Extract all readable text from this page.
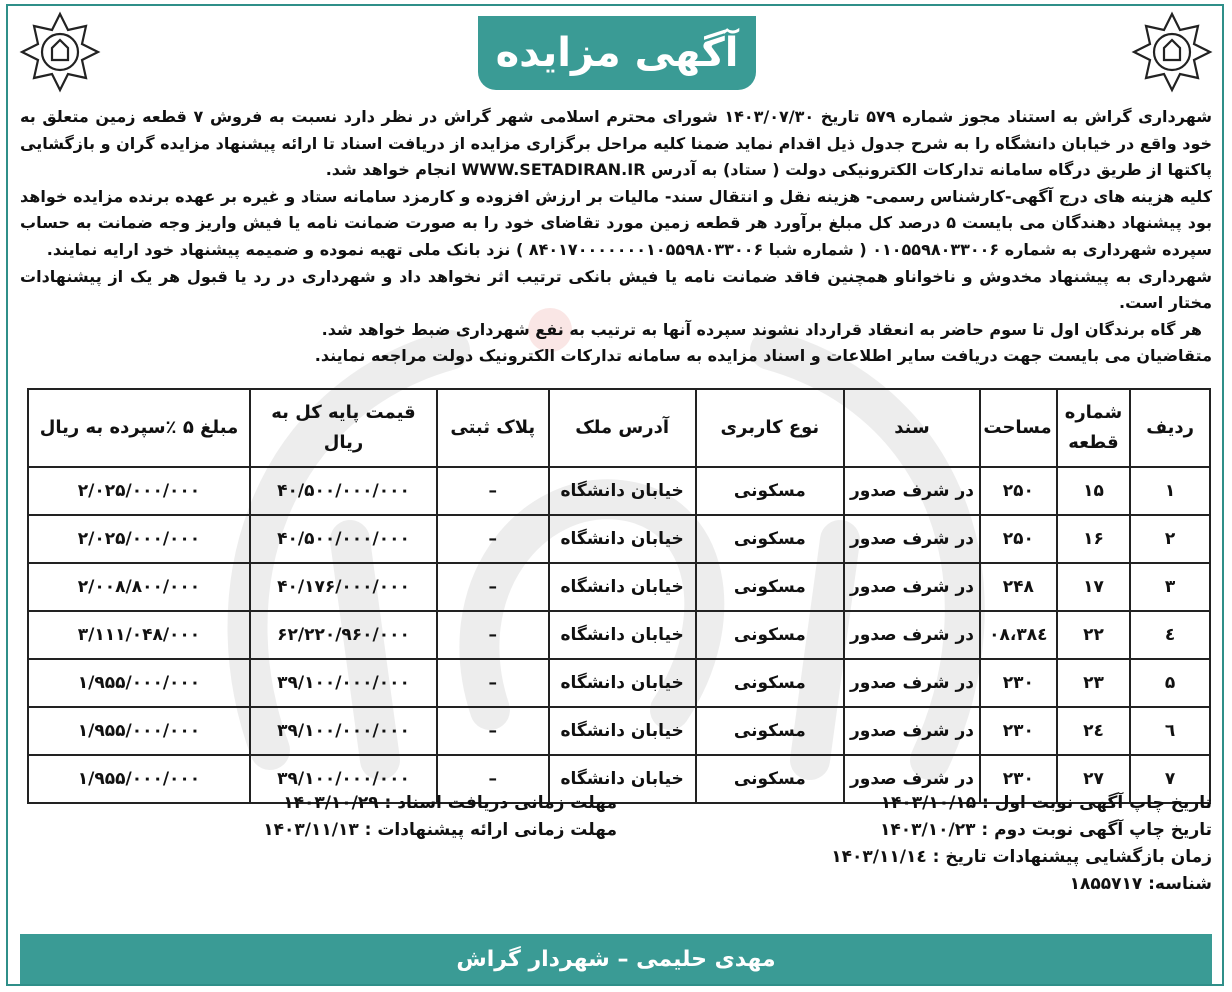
آگهی مزایده

شهرداری گراش به استناد مجوز شماره ۵۷۹ تاریخ ۱۴۰۳/۰۷/۳۰ شورای محترم اسلامی شهر گراش در نظر دارد نسبت به فروش ۷ قطعه زمین متعلق به خود واقع در خیابان دانشگاه را به شرح جدول ذیل اقدام نماید ضمنا کلیه مراحل برگزاری مزایده از دریافت اسناد تا ارائه پیشنهاد مزایده گران و بازگشایی پاکتها از طریق درگاه سامانه تدارکات الکترونیکی دولت ( ستاد) به آدرس WWW.SETADIRAN.IR انجام خواهد شد.

کلیه هزینه های درج آگهی-کارشناس رسمی- هزینه نقل و انتقال سند- مالیات بر ارزش افزوده و کارمزد سامانه ستاد و غیره بر عهده برنده مزایده خواهد بود پیشنهاد دهندگان می بایست ۵ درصد کل مبلغ برآورد هر قطعه زمین مورد تقاضای خود را به صورت ضمانت نامه یا فیش واریز وجه ضمانت به حساب سپرده شهرداری به شماره ۰۱۰۵۵۹۸۰۳۳۰۰۶ ( شماره شبا ۸۴۰۱۷۰۰۰۰۰۰۰۱۰۵۵۹۸۰۳۳۰۰۶ ) نزد بانک ملی تهیه نموده و ضمیمه پیشنهاد خود ارایه نمایند.

شهرداری به پیشنهاد مخدوش و ناخواناو همچنین فاقد ضمانت نامه یا فیش بانکی ترتیب اثر نخواهد داد و شهرداری در رد یا قبول هر یک از پیشنهادات مختار است.

هر گاه برندگان اول تا سوم حاضر به انعقاد قرارداد نشوند سپرده آنها به ترتیب به نفع شهرداری ضبط خواهد شد.

متقاضیان می بایست جهت دریافت سایر اطلاعات و اسناد مزایده به سامانه تدارکات الکترونیک دولت مراجعه نمایند.

ردیف	شماره قطعه	مساحت	سند	نوع کاربری	آدرس ملک	پلاک ثبتی	قیمت پایه کل به ریال	مبلغ ۵ ٪سپرده به ریال
۱	۱۵	۲۵۰	در شرف صدور	مسکونی	خیابان دانشگاه	–	۴۰/۵۰۰/۰۰۰/۰۰۰	۲/۰۲۵/۰۰۰/۰۰۰
۲	۱۶	۲۵۰	در شرف صدور	مسکونی	خیابان دانشگاه	–	۴۰/۵۰۰/۰۰۰/۰۰۰	۲/۰۲۵/۰۰۰/۰۰۰
۳	۱۷	۲۴۸	در شرف صدور	مسکونی	خیابان دانشگاه	–	۴۰/۱۷۶/۰۰۰/۰۰۰	۲/۰۰۸/۸۰۰/۰۰۰
٤	۲۲	۳۸٤،۰۸	در شرف صدور	مسکونی	خیابان دانشگاه	–	۶۲/۲۲۰/۹۶۰/۰۰۰	۳/۱۱۱/۰۴۸/۰۰۰
۵	۲۳	۲۳۰	در شرف صدور	مسکونی	خیابان دانشگاه	–	۳۹/۱۰۰/۰۰۰/۰۰۰	۱/۹۵۵/۰۰۰/۰۰۰
٦	۲٤	۲۳۰	در شرف صدور	مسکونی	خیابان دانشگاه	–	۳۹/۱۰۰/۰۰۰/۰۰۰	۱/۹۵۵/۰۰۰/۰۰۰
۷	۲۷	۲۳۰	در شرف صدور	مسکونی	خیابان دانشگاه	–	۳۹/۱۰۰/۰۰۰/۰۰۰	۱/۹۵۵/۰۰۰/۰۰۰
تاریخ چاپ آگهی نوبت اول : ۱۴۰۳/۱۰/۱۵
تاریخ چاپ آگهی نوبت دوم : ۱۴۰۳/۱۰/۲۳
زمان بازگشایی پیشنهادات تاریخ : ۱۴۰۳/۱۱/۱٤
شناسه: ۱۸۵۵۷۱۷
مهلت زمانی دریافت اسناد : ۱۴۰۳/۱۰/۲۹
مهلت زمانی ارائه پیشنهادات : ۱۴۰۳/۱۱/۱۳
مهدی حلیمی – شهردار گراش
